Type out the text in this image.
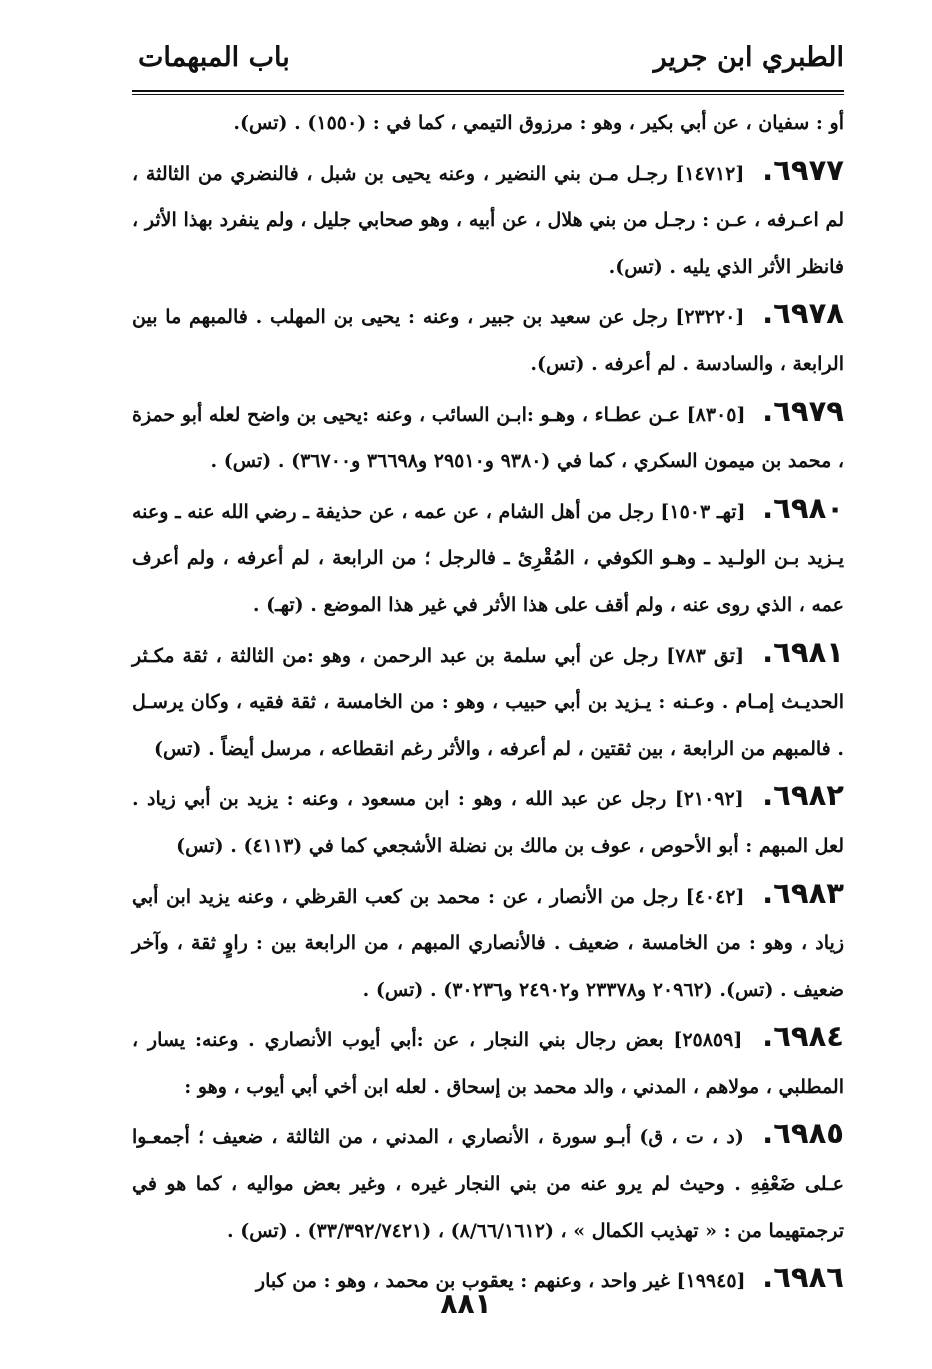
الطبري ابن جرير
باب المبهمات

أو : سفيان ، عن أبي بكير ، وهو : مرزوق التيمي ، كما في : (١٥٥٠) . (تس).

٦٩٧٧. [١٤٧١٢] رجـل مـن بني النضير ، وعنه يحيى بن شبل ، فالنضري من الثالثة ، لم اعـرفه ، عـن : رجـل من بني هلال ، عن أبيه ، وهو صحابي جليل ، ولم ينفرد بهذا الأثر ، فانظر الأثر الذي يليه . (تس).

٦٩٧٨. [٢٣٢٢٠] رجل عن سعيد بن جبير ، وعنه : يحيى بن المهلب . فالمبهم ما بين الرابعة ، والسادسة . لم أعرفه . (تس).

٦٩٧٩. [٨٣٠٥] عـن عطـاء ، وهـو :ابـن السائب ، وعنه :يحيى بن واضح لعله أبو حمزة ، محمد بن ميمون السكري ، كما في (٩٣٨٠ و٢٩٥١٠ و٣٦٦٩٨ و٣٦٧٠٠) . (تس) .

٦٩٨٠. [تهـ ١٥٠٣] رجل من أهل الشام ، عن عمه ، عن حذيفة ـ رضي الله عنه ـ وعنه يـزيد بـن الولـيد ـ وهـو الكوفي ، المُقْرِئ ـ فالرجل ؛ من الرابعة ، لم أعرفه ، ولم أعرف عمه ، الذي روى عنه ، ولم أقف على هذا الأثر في غير هذا الموضع . (تهـ) .

٦٩٨١. [تق ٧٨٣] رجل عن أبي سلمة بن عبد الرحمن ، وهو :من الثالثة ، ثقة مكـثر الحديـث إمـام . وعـنه : يـزيد بن أبي حبيب ، وهو : من الخامسة ، ثقة فقيه ، وكان يرسـل . فالمبهم من الرابعة ، بين ثقتين ، لم أعرفه ، والأثر رغم انقطاعه ، مرسل أيضاً . (تس)

٦٩٨٢. [٢١٠٩٢] رجل عن عبد الله ، وهو : ابن مسعود ، وعنه : يزيد بن أبي زياد . لعل المبهم : أبو الأحوص ، عوف بن مالك بن نضلة الأشجعي كما في (٤١١٣) . (تس)

٦٩٨٣. [٤٠٤٢] رجل من الأنصار ، عن : محمد بن كعب القرظي ، وعنه يزيد ابن أبي زياد ، وهو : من الخامسة ، ضعيف . فالأنصاري المبهم ، من الرابعة بين : راوٍ ثقة ، وآخر ضعيف . (تس). (٢٠٩٦٢ و٢٣٣٧٨ و٢٤٩٠٢ و٣٠٢٣٦) . (تس) .

٦٩٨٤. [٢٥٨٥٩] بعض رجال بني النجار ، عن :أبي أيوب الأنصاري . وعنه: يسار ، المطلبي ، مولاهم ، المدني ، والد محمد بن إسحاق . لعله ابن أخي أبي أيوب ، وهو :

٦٩٨٥. (د ، ت ، ق) أبـو سورة ، الأنصاري ، المدني ، من الثالثة ، ضعيف ؛ أجمعـوا عـلى ضَعْفِهِ . وحيث لم يرو عنه من بني النجار غيره ، وغير بعض مواليه ، كما هو في ترجمتهيما من : « تهذيب الكمال » ، (٨/٦٦/١٦١٢) ، (٣٣/٣٩٢/٧٤٢١) . (تس) .

٦٩٨٦. [١٩٩٤٥] غير واحد ، وعنهم : يعقوب بن محمد ، وهو : من كبار

٨٨١
